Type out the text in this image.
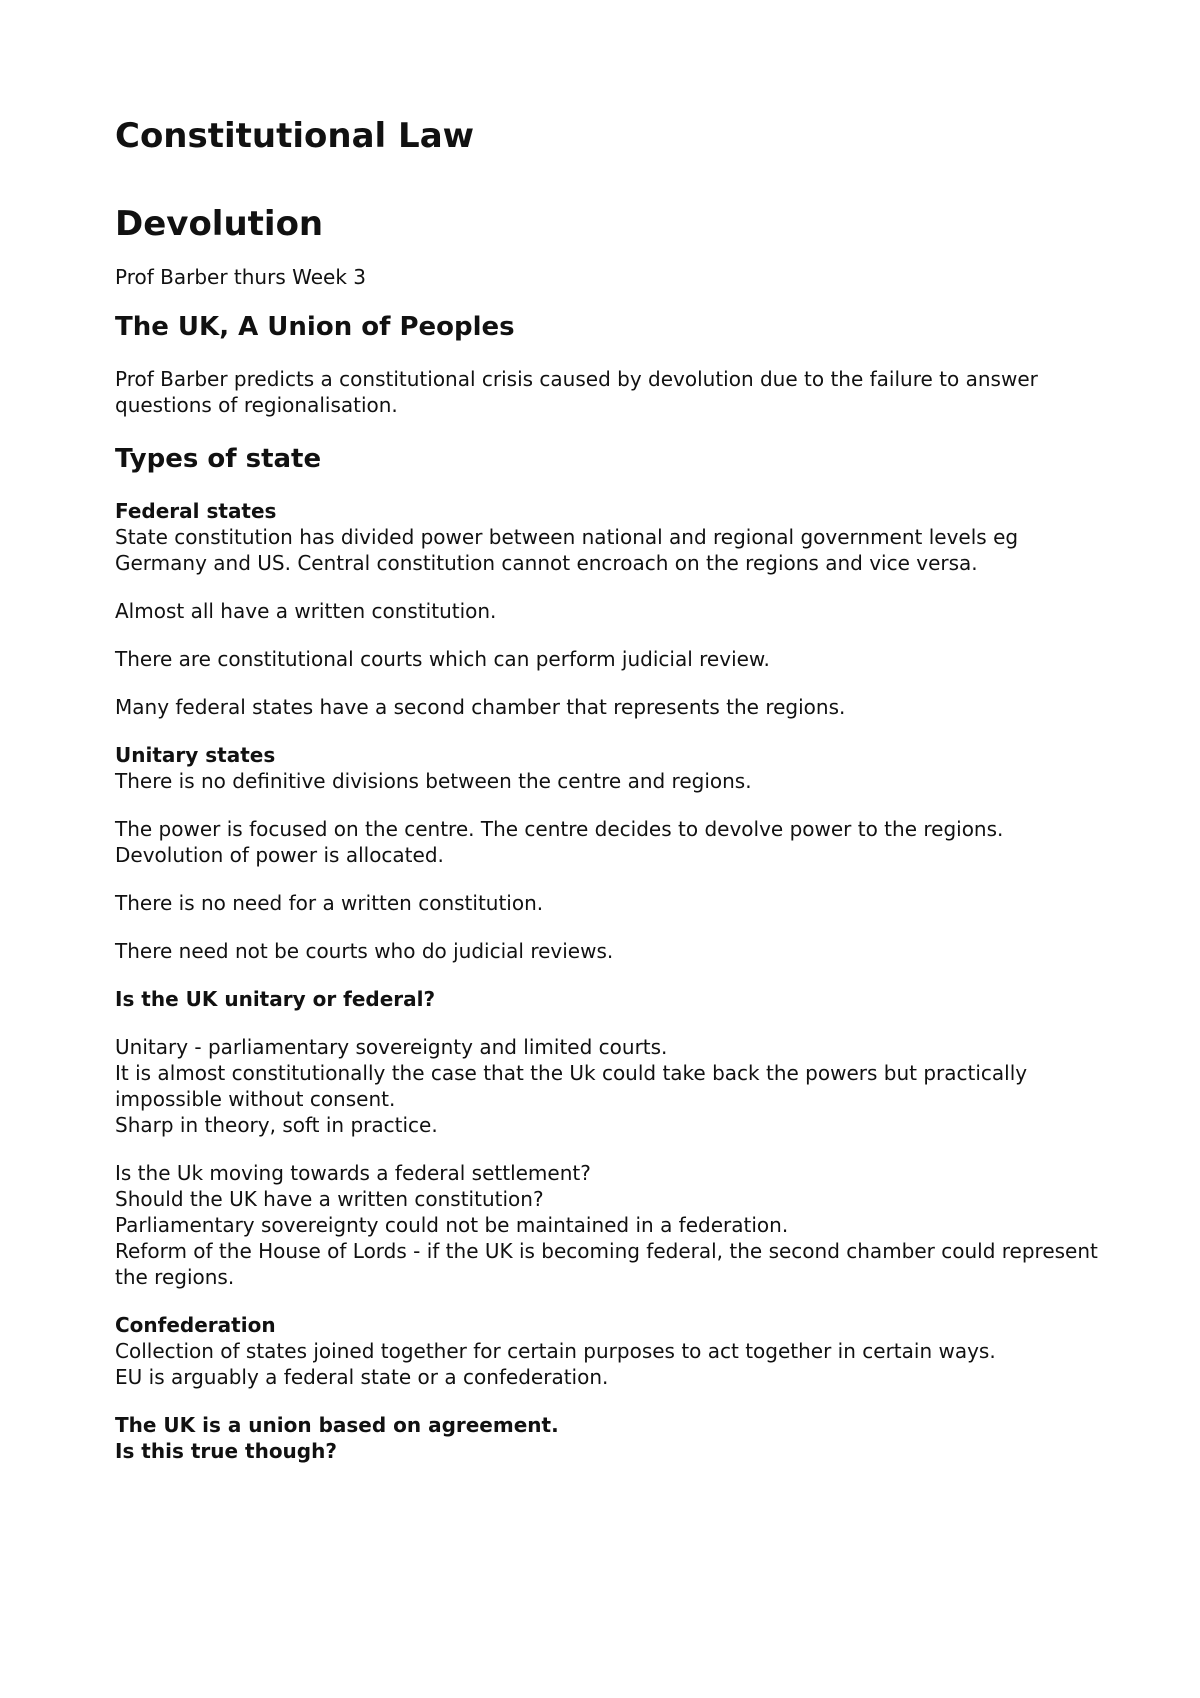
Constitutional Law
Devolution

Prof Barber thurs Week 3

The UK, A Union of Peoples

Prof Barber predicts a constitutional crisis caused by devolution due to the failure to answer questions of regionalisation.

Types of state
Federal states

State constitution has divided power between national and regional government levels eg Germany and US. Central constitution cannot encroach on the regions and vice versa.

Almost all have a written constitution.

There are constitutional courts which can perform judicial review.

Many federal states have a second chamber that represents the regions.

Unitary states

There is no definitive divisions between the centre and regions.

The power is focused on the centre. The centre decides to devolve power to the regions. Devolution of power is allocated.

There is no need for a written constitution.

There need not be courts who do judicial reviews.

Is the UK unitary or federal?

Unitary - parliamentary sovereignty and limited courts.

It is almost constitutionally the case that the Uk could take back the powers but practically impossible without consent.

Sharp in theory, soft in practice.

Is the Uk moving towards a federal settlement?

Should the UK have a written constitution?

Parliamentary sovereignty could not be maintained in a federation.

Reform of the House of Lords - if the UK is becoming federal, the second chamber could represent the regions.

Confederation

Collection of states joined together for certain purposes to act together in certain ways.

EU is arguably a federal state or a confederation.

The UK is a union based on agreement.
Is this true though?
